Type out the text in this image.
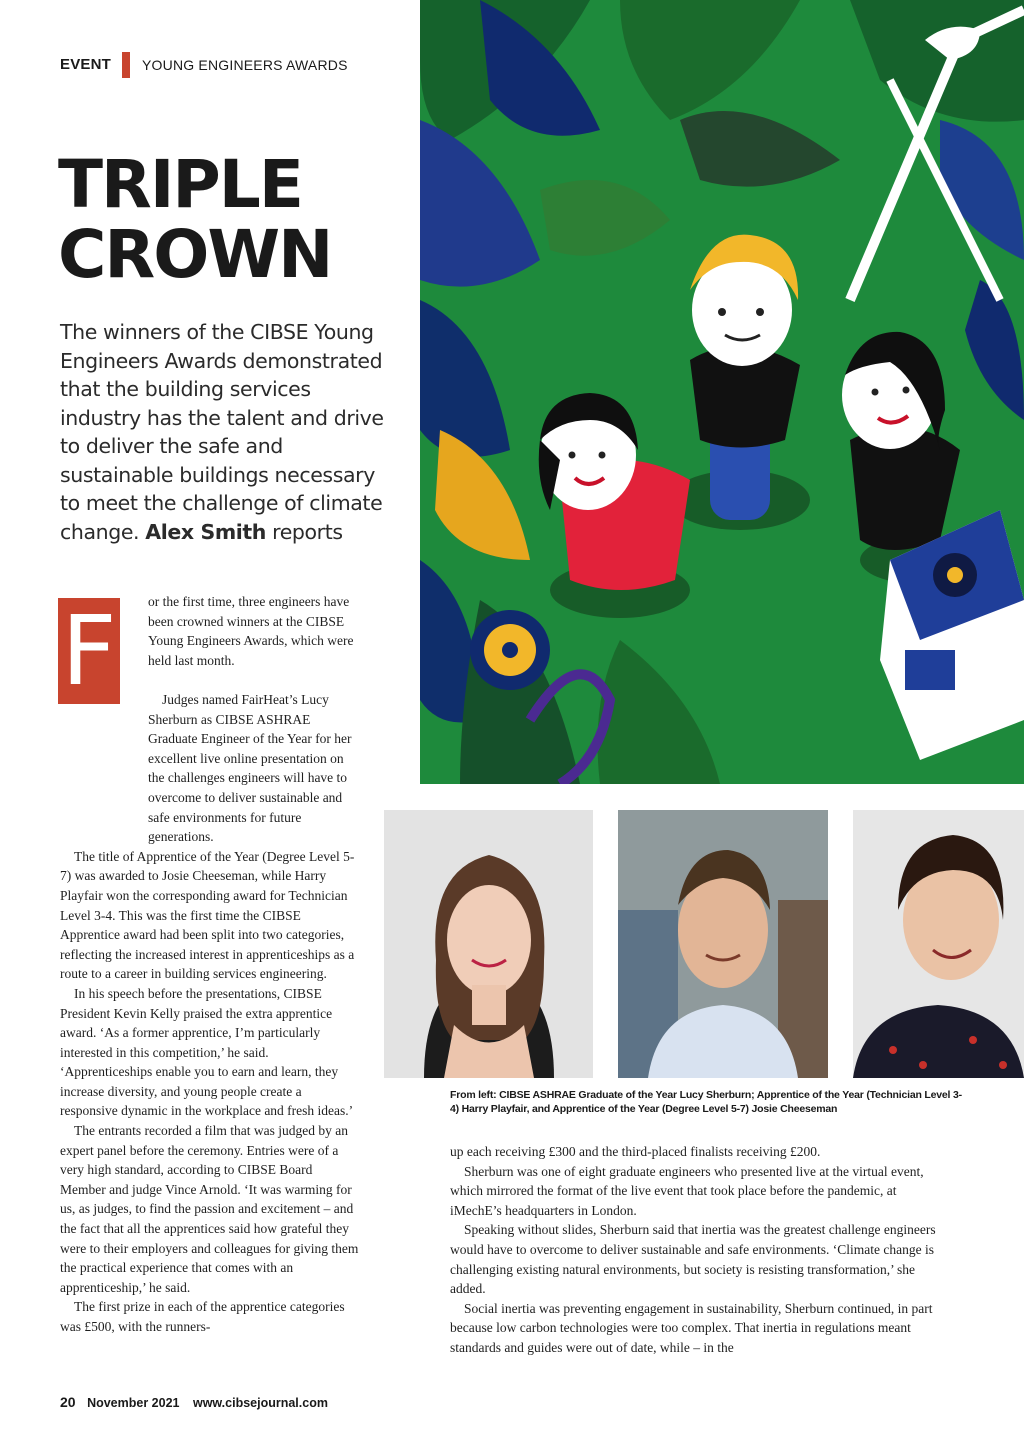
EVENT YOUNG ENGINEERS AWARDS
TRIPLE
CROWN
The winners of the CIBSE Young Engineers Awards demonstrated that the building services industry has the talent and drive to deliver the safe and sustainable buildings necessary to meet the challenge of climate change. Alex Smith reports
F or the first time, three engineers have been crowned winners at the CIBSE Young Engineers Awards, which were held last month.

Judges named FairHeat’s Lucy Sherburn as CIBSE ASHRAE Graduate Engineer of the Year for her excellent live online presentation on the challenges engineers will have to overcome to deliver sustainable and safe environments for future generations.

The title of Apprentice of the Year (Degree Level 5-7) was awarded to Josie Cheeseman, while Harry Playfair won the corresponding award for Technician Level 3-4. This was the first time the CIBSE Apprentice award had been split into two categories, reflecting the increased interest in apprenticeships as a route to a career in building services engineering.

In his speech before the presentations, CIBSE President Kevin Kelly praised the extra apprentice award. ‘As a former apprentice, I’m particularly interested in this competition,’ he said. ‘Apprenticeships enable you to earn and learn, they increase diversity, and young people create a responsive dynamic in the workplace and fresh ideas.’

The entrants recorded a film that was judged by an expert panel before the ceremony. Entries were of a very high standard, according to CIBSE Board Member and judge Vince Arnold. ‘It was warming for us, as judges, to find the passion and excitement – and the fact that all the apprentices said how grateful they were to their employers and colleagues for giving them the practical experience that comes with an apprenticeship,’ he said.

The first prize in each of the apprentice categories was £500, with the runners-

From left: CIBSE ASHRAE Graduate of the Year Lucy Sherburn; Apprentice of the Year (Technician Level 3-4) Harry Playfair, and Apprentice of the Year (Degree Level 5-7) Josie Cheeseman

up each receiving £300 and the third-placed finalists receiving £200.

Sherburn was one of eight graduate engineers who presented live at the virtual event, which mirrored the format of the live event that took place before the pandemic, at iMechE’s headquarters in London.

Speaking without slides, Sherburn said that inertia was the greatest challenge engineers would have to overcome to deliver sustainable and safe environments. ‘Climate change is challenging existing natural environments, but society is resisting transformation,’ she added.

Social inertia was preventing engagement in sustainability, Sherburn continued, in part because low carbon technologies were too complex. That inertia in regulations meant standards and guides were out of date, while – in the

20 November 2021 www.cibsejournal.com
